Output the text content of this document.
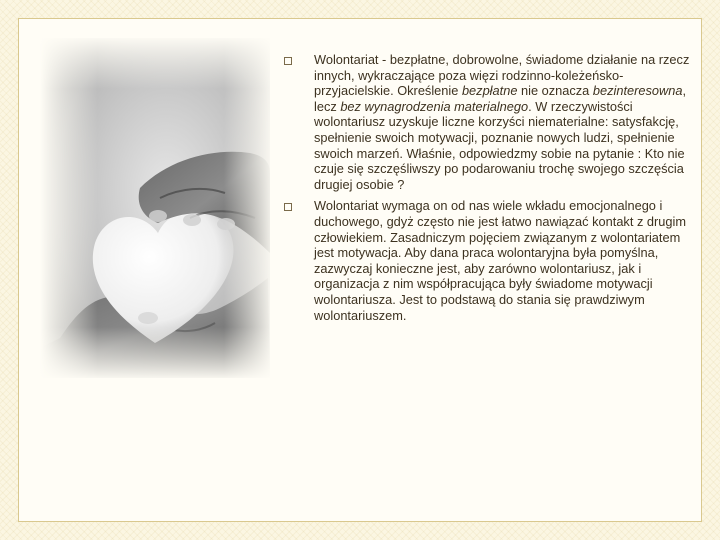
Wolontariat - bezpłatne, dobrowolne, świadome działanie na rzecz innych, wykraczające poza więzi rodzinno-koleżeńsko- przyjacielskie. Określenie bezpłatne nie oznacza bezinteresowna, lecz bez wynagrodzenia materialnego. W rzeczywistości wolontariusz uzyskuje liczne korzyści niematerialne: satysfakcję, spełnienie swoich motywacji, poznanie nowych ludzi, spełnienie swoich marzeń. Właśnie, odpowiedzmy sobie na pytanie : Kto nie czuje się szczęśliwszy po podarowaniu trochę swojego szczęścia drugiej osobie ?
Wolontariat wymaga on od nas wiele wkładu emocjonalnego i duchowego, gdyż często nie jest łatwo nawiązać kontakt z drugim człowiekiem. Zasadniczym pojęciem związanym z wolontariatem jest motywacja. Aby dana praca wolontaryjna była pomyślna, zazwyczaj konieczne jest, aby zarówno wolontariusz, jak i organizacja z nim współpracująca były świadome motywacji wolontariusza. Jest to podstawą do stania się prawdziwym wolontariuszem.
